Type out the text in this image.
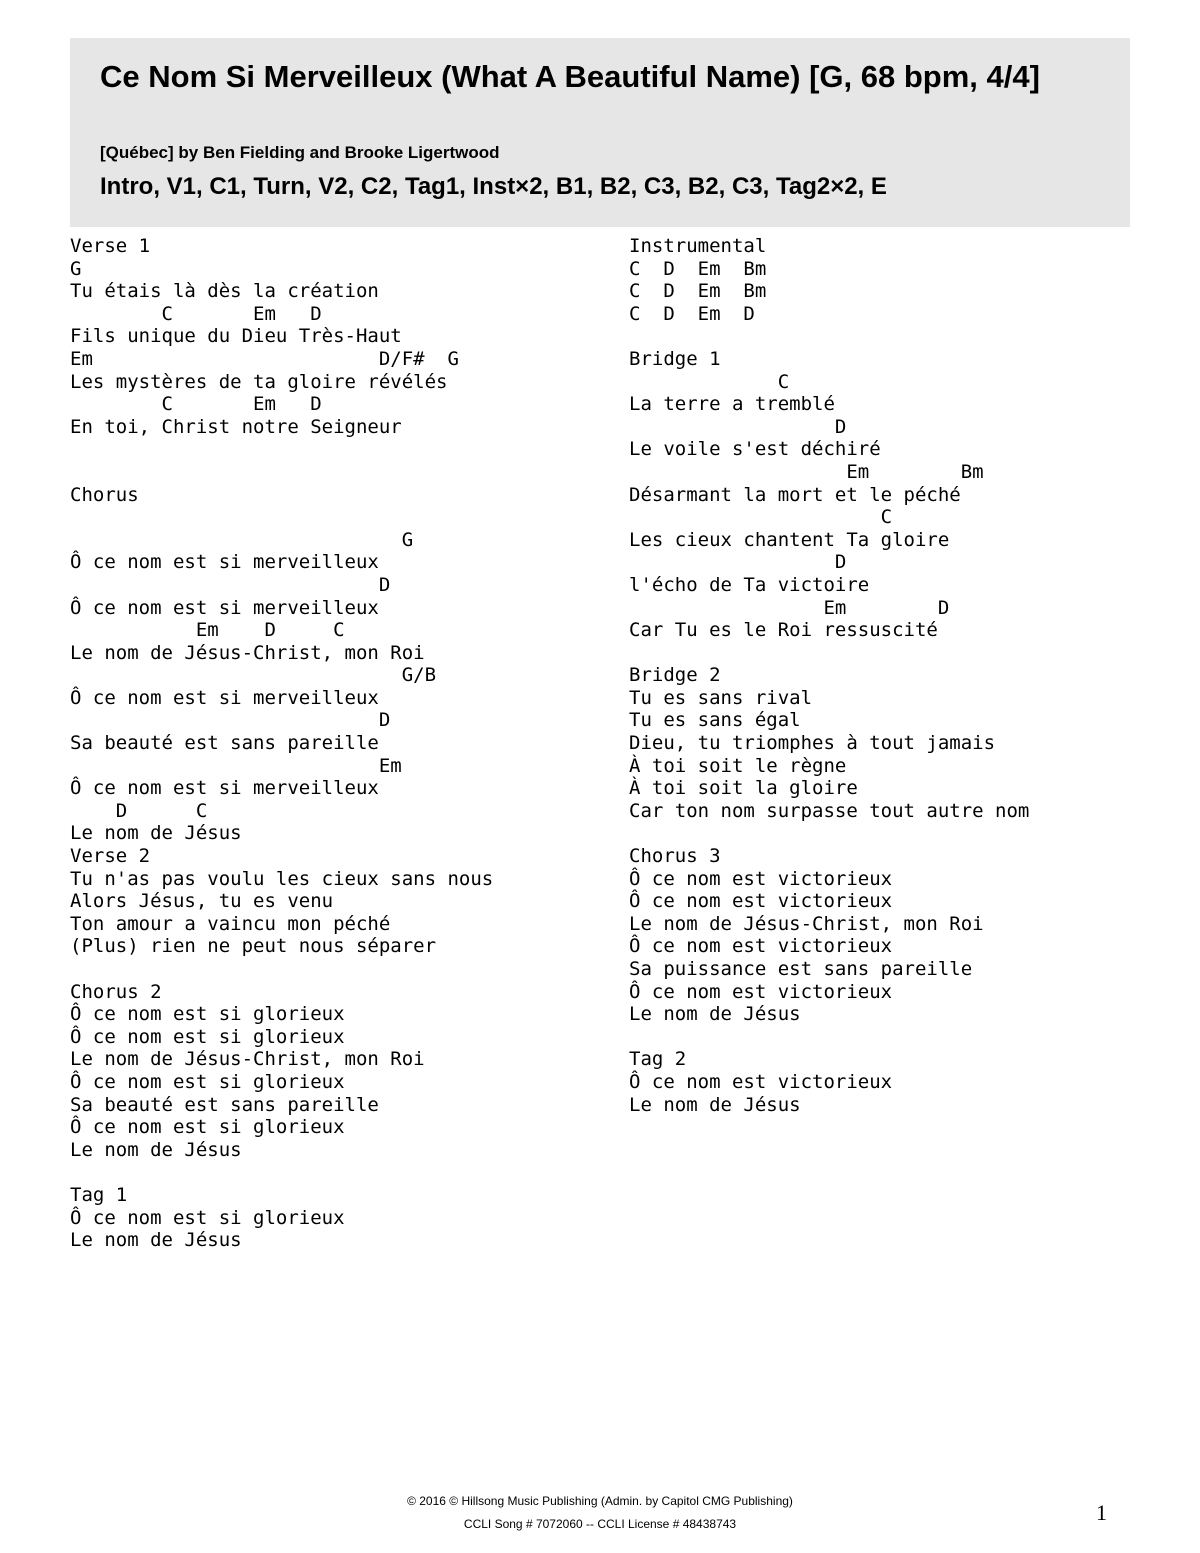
Ce Nom Si Merveilleux (What A Beautiful Name) [G, 68 bpm, 4/4]

[Québec] by Ben Fielding and Brooke Ligertwood

Intro, V1, C1, Turn, V2, C2, Tag1, Inst×2, B1, B2, C3, B2, C3, Tag2×2, E

Verse 1
G
Tu étais là dès la création
C       Em   D
Fils unique du Dieu Très-Haut
Em                         D/F#  G
Les mystères de ta gloire révélés
C       Em   D
En toi, Christ notre Seigneur
Chorus
G
Ô ce nom est si merveilleux
D
Ô ce nom est si merveilleux
Em    D     C
Le nom de Jésus-Christ, mon Roi
G/B
Ô ce nom est si merveilleux
D
Sa beauté est sans pareille
Em
Ô ce nom est si merveilleux
D      C
Le nom de Jésus
Verse 2
Tu n'as pas voulu les cieux sans nous
Alors Jésus, tu es venu
Ton amour a vaincu mon péché
(Plus) rien ne peut nous séparer
Chorus 2
Ô ce nom est si glorieux
Ô ce nom est si glorieux
Le nom de Jésus-Christ, mon Roi
Ô ce nom est si glorieux
Sa beauté est sans pareille
Ô ce nom est si glorieux
Le nom de Jésus
Tag 1
Ô ce nom est si glorieux
Le nom de Jésus
Instrumental
C  D  Em  Bm
C  D  Em  Bm
C  D  Em  D
Bridge 1
C
La terre a tremblé
D
Le voile s'est déchiré
Em        Bm
Désarmant la mort et le péché
C
Les cieux chantent Ta gloire
D
l'écho de Ta victoire
Em        D
Car Tu es le Roi ressuscité
Bridge 2
Tu es sans rival
Tu es sans égal
Dieu, tu triomphes à tout jamais
À toi soit le règne
À toi soit la gloire
Car ton nom surpasse tout autre nom
Chorus 3
Ô ce nom est victorieux
Ô ce nom est victorieux
Le nom de Jésus-Christ, mon Roi
Ô ce nom est victorieux
Sa puissance est sans pareille
Ô ce nom est victorieux
Le nom de Jésus
Tag 2
Ô ce nom est victorieux
Le nom de Jésus
© 2016 © Hillsong Music Publishing (Admin. by Capitol CMG Publishing)
CCLI Song # 7072060 -- CCLI License # 48438743	1
